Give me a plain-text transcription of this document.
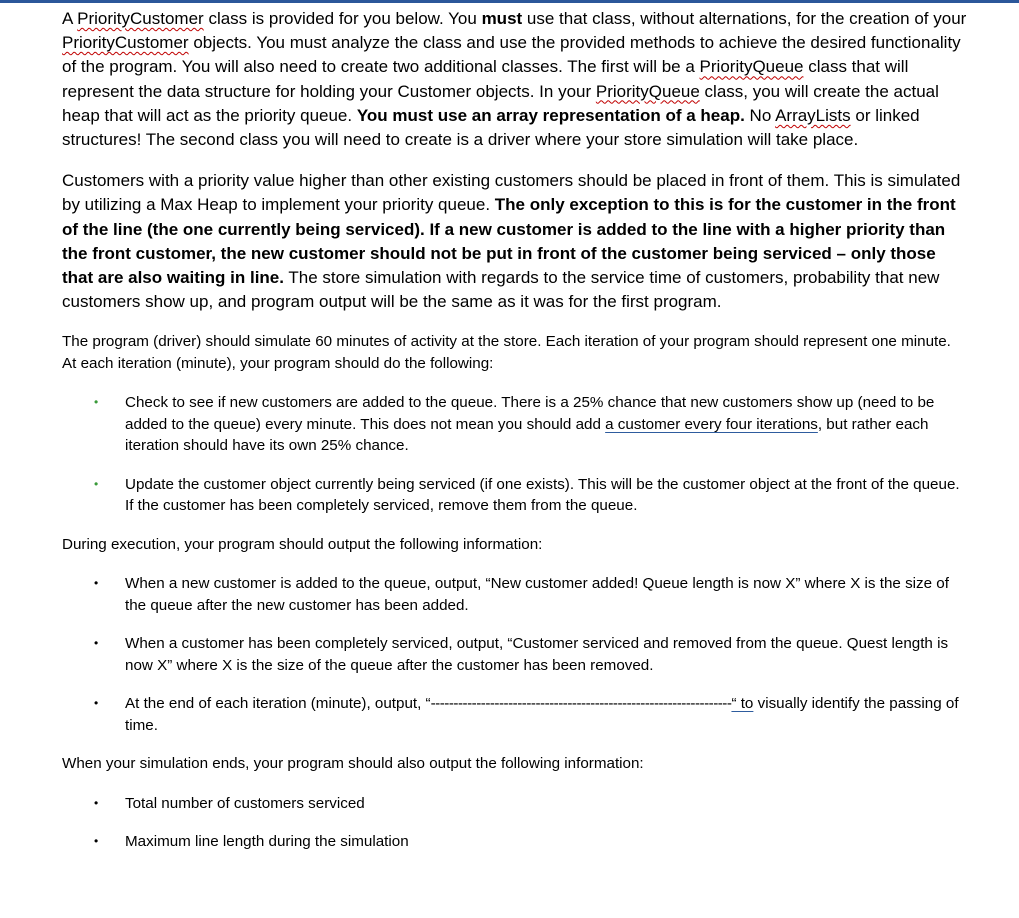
A PriorityCustomer class is provided for you below. You must use that class, without alternations, for the creation of your PriorityCustomer objects. You must analyze the class and use the provided methods to achieve the desired functionality of the program. You will also need to create two additional classes. The first will be a PriorityQueue class that will represent the data structure for holding your Customer objects. In your PriorityQueue class, you will create the actual heap that will act as the priority queue. You must use an array representation of a heap. No ArrayLists or linked structures! The second class you will need to create is a driver where your store simulation will take place.

Customers with a priority value higher than other existing customers should be placed in front of them. This is simulated by utilizing a Max Heap to implement your priority queue. The only exception to this is for the customer in the front of the line (the one currently being serviced). If a new customer is added to the line with a higher priority than the front customer, the new customer should not be put in front of the customer being serviced – only those that are also waiting in line. The store simulation with regards to the service time of customers, probability that new customers show up, and program output will be the same as it was for the first program.

The program (driver) should simulate 60 minutes of activity at the store. Each iteration of your program should represent one minute. At each iteration (minute), your program should do the following:

• Check to see if new customers are added to the queue. There is a 25% chance that new customers show up (need to be added to the queue) every minute. This does not mean you should add a customer every four iterations, but rather each iteration should have its own 25% chance.
• Update the customer object currently being serviced (if one exists). This will be the customer object at the front of the queue. If the customer has been completely serviced, remove them from the queue.

During execution, your program should output the following information:

• When a new customer is added to the queue, output, “New customer added! Queue length is now X” where X is the size of the queue after the new customer has been added.
• When a customer has been completely serviced, output, “Customer serviced and removed from the queue. Quest length is now X” where X is the size of the queue after the customer has been removed.
• At the end of each iteration (minute), output, “------------------------------------------------------------------“ to visually identify the passing of time.

When your simulation ends, your program should also output the following information:

• Total number of customers serviced
• Maximum line length during the simulation
